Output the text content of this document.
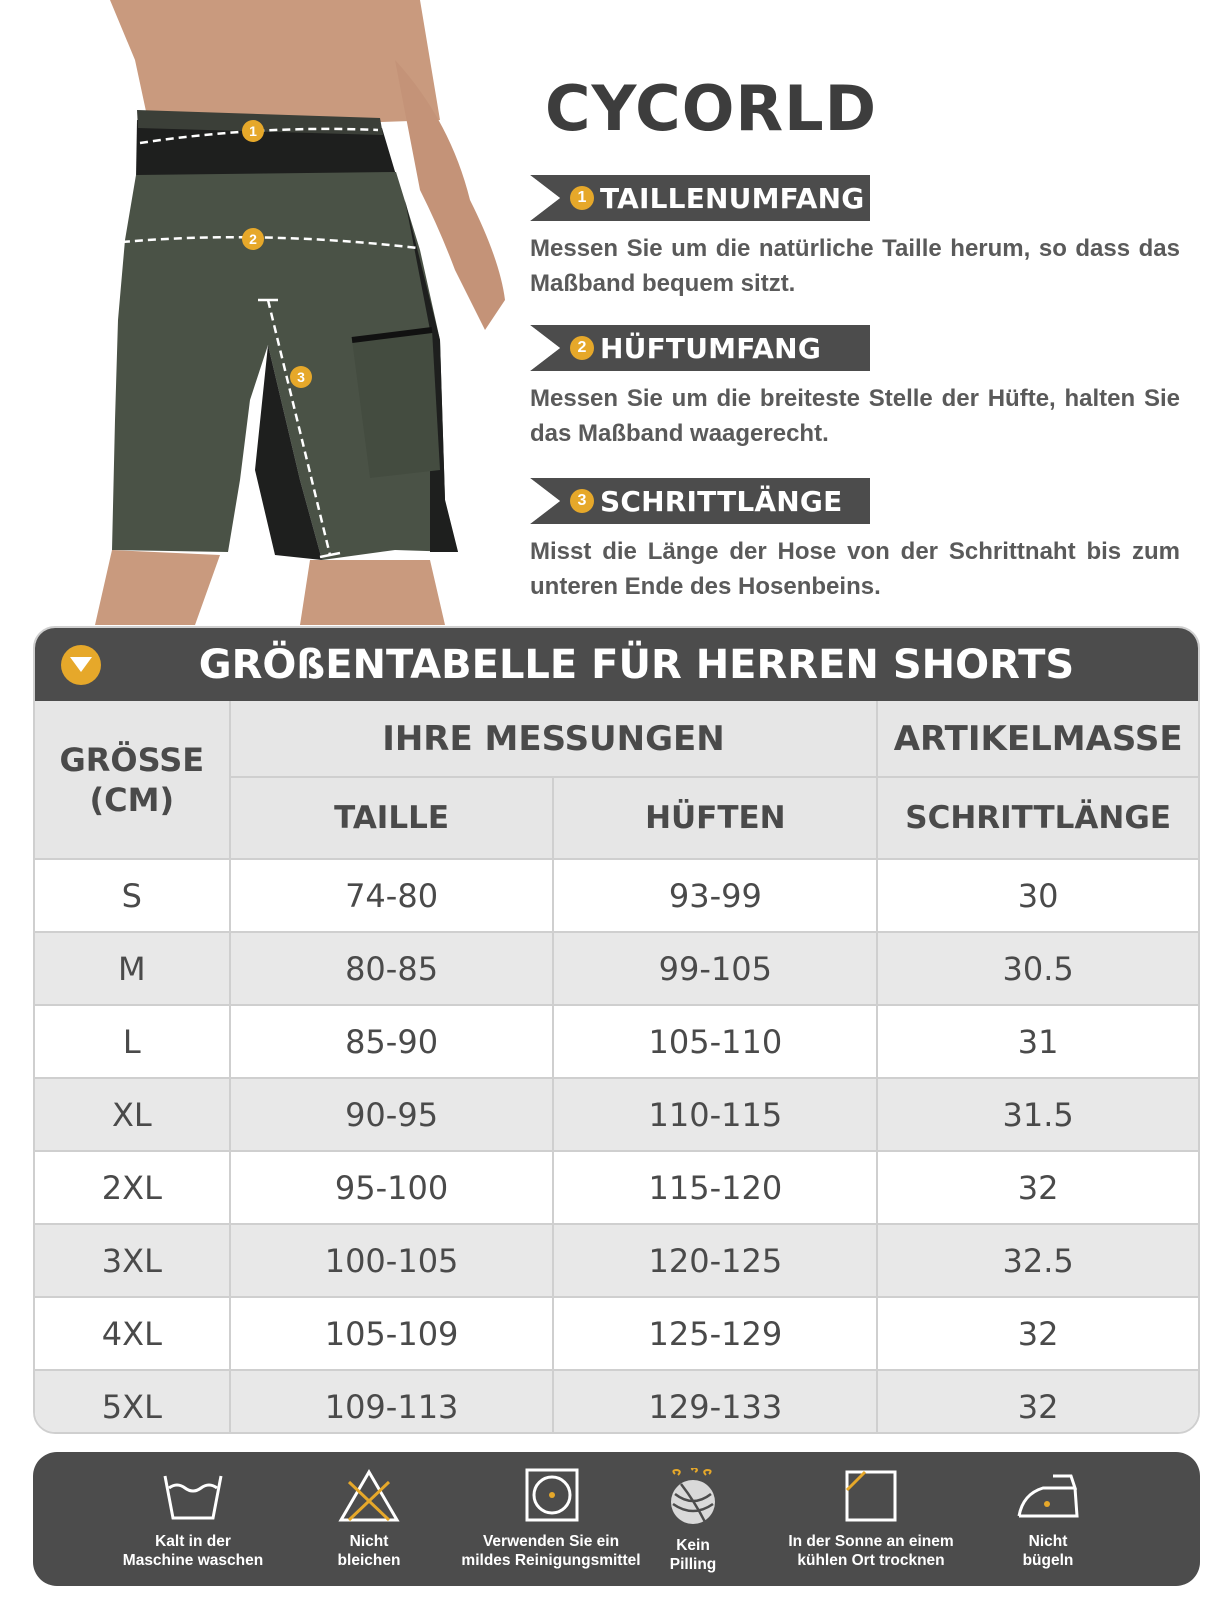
1
2
3
CYCORLD
1 TAILLENUMFANG
Messen Sie um die natürliche Taille herum, so dass das Maßband bequem sitzt.
2 HÜFTUMFANG
Messen Sie um die breiteste Stelle der Hüfte, halten Sie das Maßband waagerecht.
3 SCHRITTLÄNGE
Misst die Länge der Hose von der Schrittnaht bis zum unteren Ende des Hosenbeins.
GRÖßENTABELLE FÜR HERREN SHORTS
GRÖSSE
(CM)	IHRE MESSUNGEN		ARTIKELMASSE
	TAILLE	HÜFTEN	SCHRITTLÄNGE
S	74-80	93-99	30
M	80-85	99-105	30.5
L	85-90	105-110	31
XL	90-95	110-115	31.5
2XL	95-100	115-120	32
3XL	100-105	120-125	32.5
4XL	105-109	125-129	32
5XL	109-113	129-133	32
Kalt in der
Maschine waschen
Nicht
bleichen
Verwenden Sie ein
mildes Reinigungsmittel
Kein
Pilling
In der Sonne an einem
kühlen Ort trocknen
Nicht
bügeln
